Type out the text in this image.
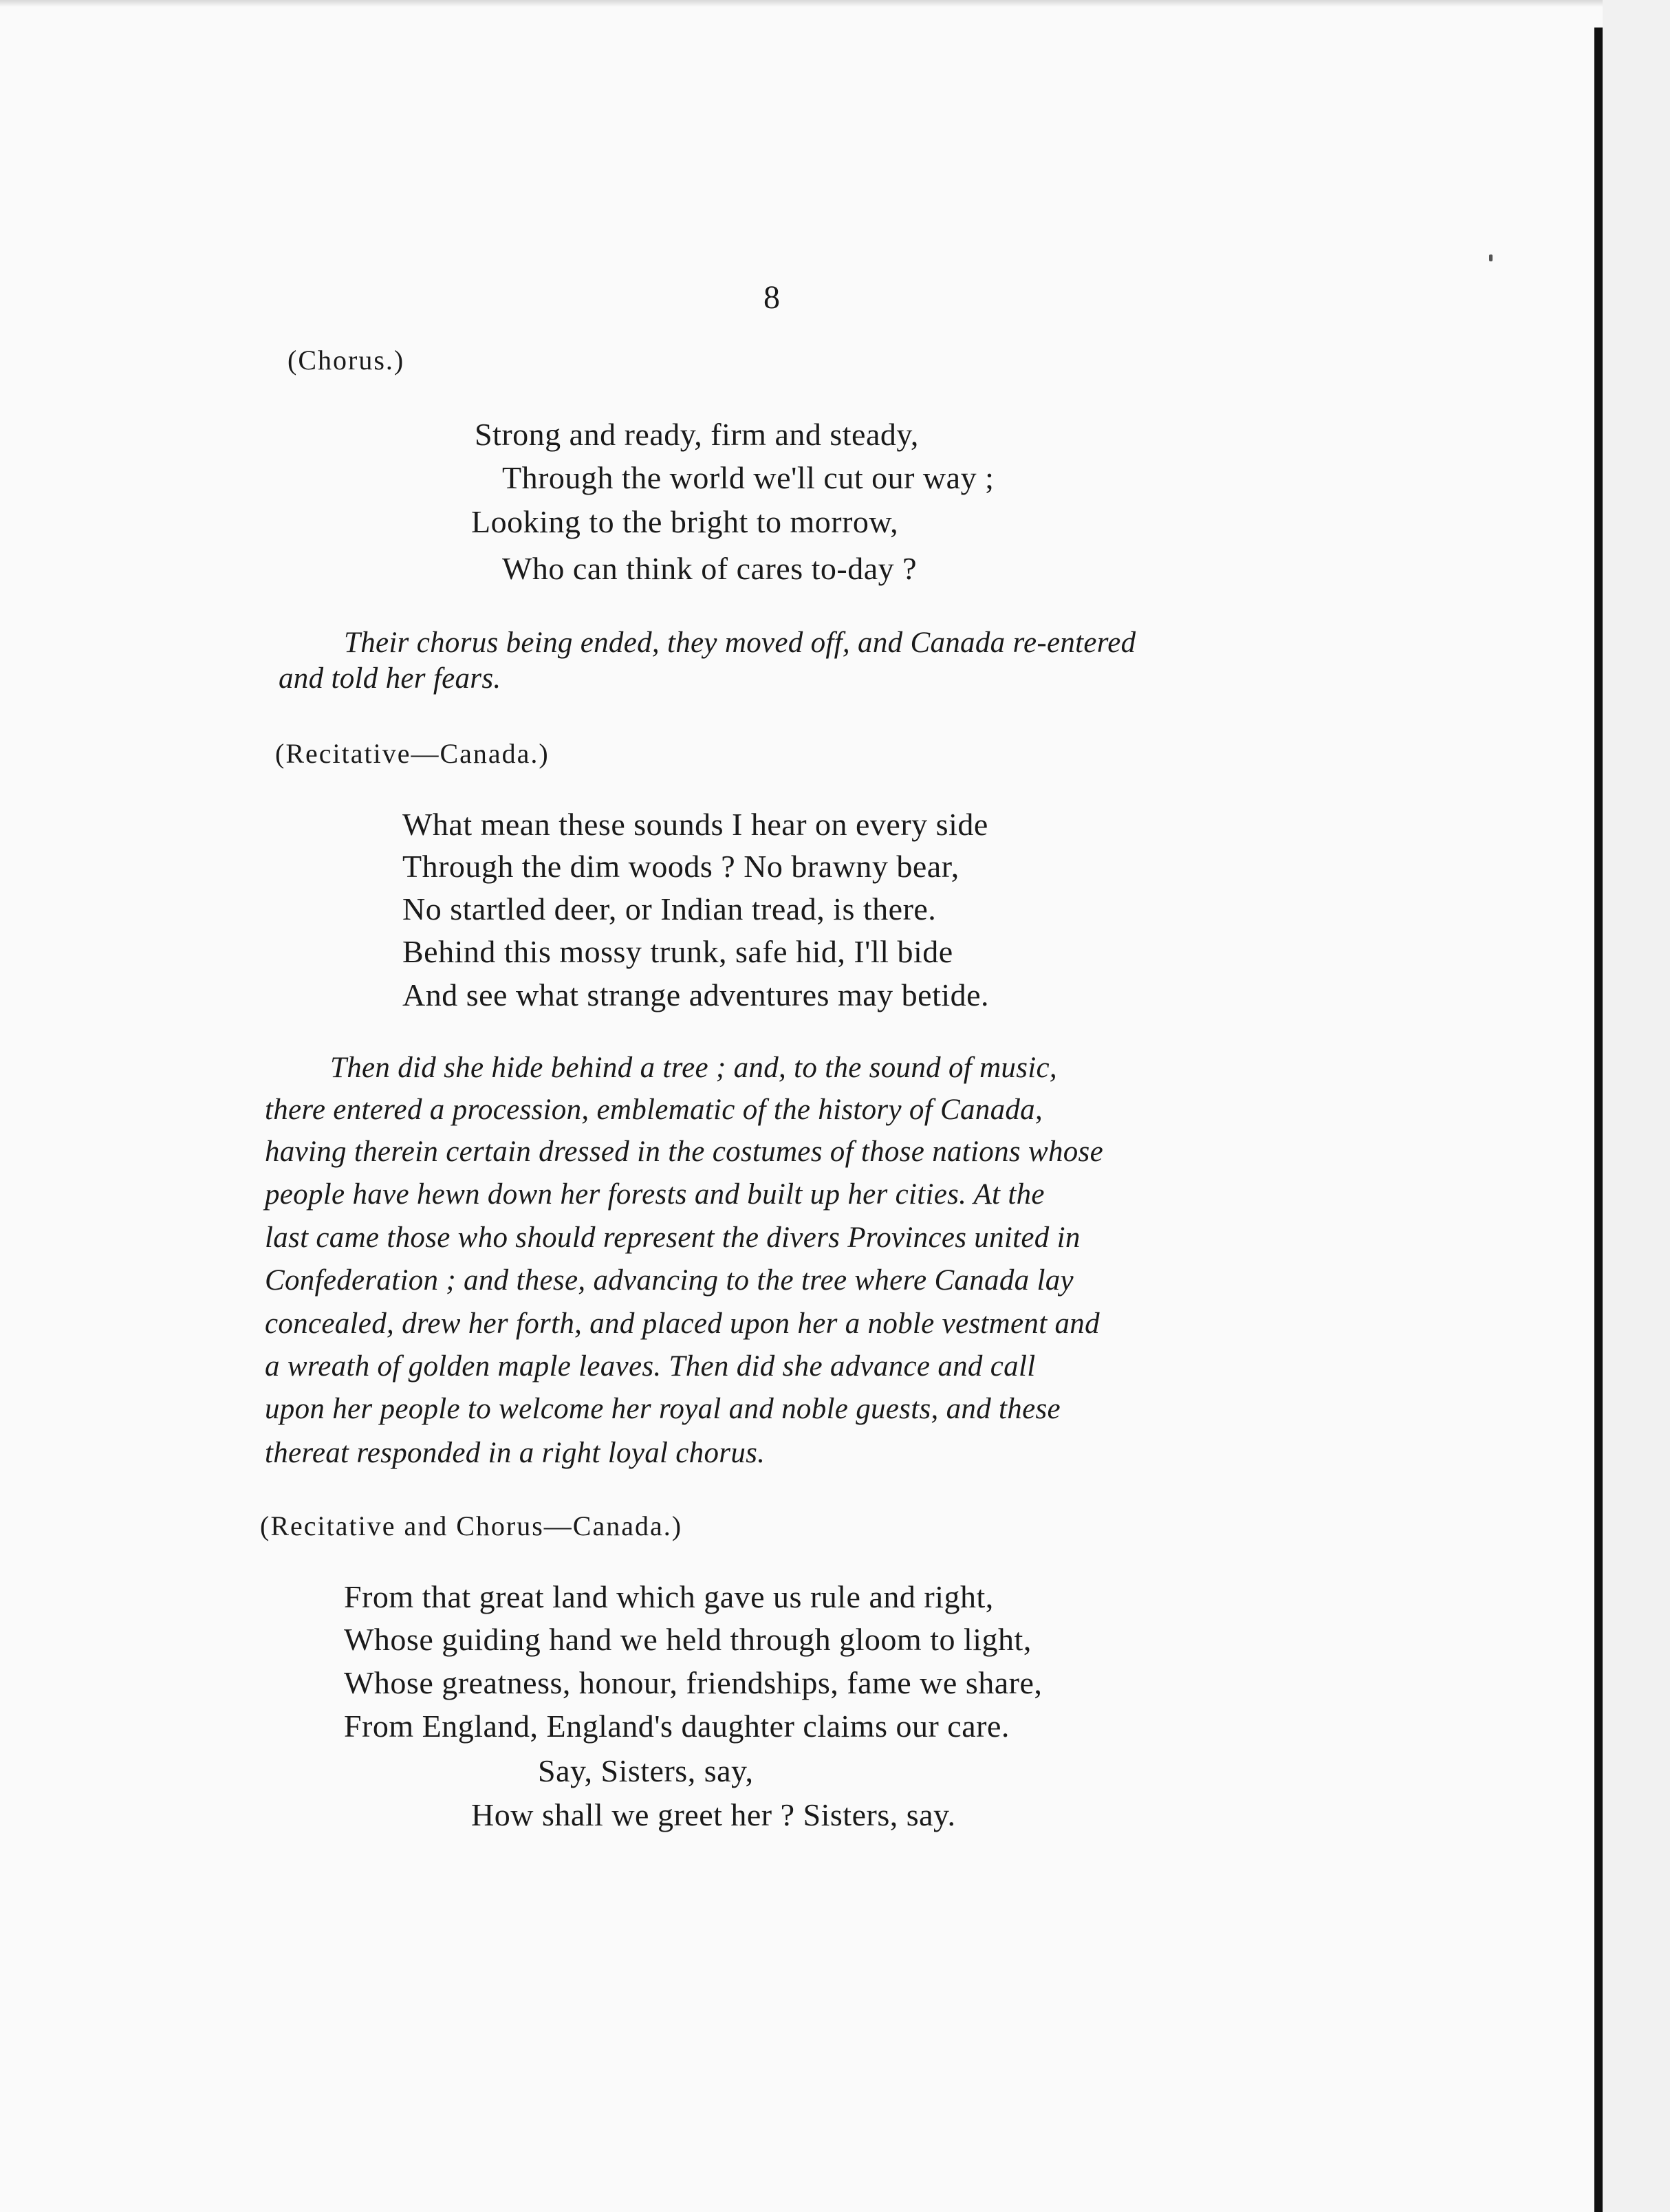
8
(Chorus.)
Strong and ready, firm and steady,
Through the world we'll cut our way ;
Looking to the bright to morrow,
Who can think of cares to-day ?
Their chorus being ended, they moved off, and Canada re-entered
and told her fears.
(Recitative—Canada.)
What mean these sounds I hear on every side
Through the dim woods ? No brawny bear,
No startled deer, or Indian tread, is there.
Behind this mossy trunk, safe hid, I'll bide
And see what strange adventures may betide.
Then did she hide behind a tree ; and, to the sound of music,
there entered a procession, emblematic of the history of Canada,
having therein certain dressed in the costumes of those nations whose
people have hewn down her forests and built up her cities. At the
last came those who should represent the divers Provinces united in
Confederation ; and these, advancing to the tree where Canada lay
concealed, drew her forth, and placed upon her a noble vestment and
a wreath of golden maple leaves. Then did she advance and call
upon her people to welcome her royal and noble guests, and these
thereat responded in a right loyal chorus.
(Recitative and Chorus—Canada.)
From that great land which gave us rule and right,
Whose guiding hand we held through gloom to light,
Whose greatness, honour, friendships, fame we share,
From England, England's daughter claims our care.
Say, Sisters, say,
How shall we greet her ? Sisters, say.
